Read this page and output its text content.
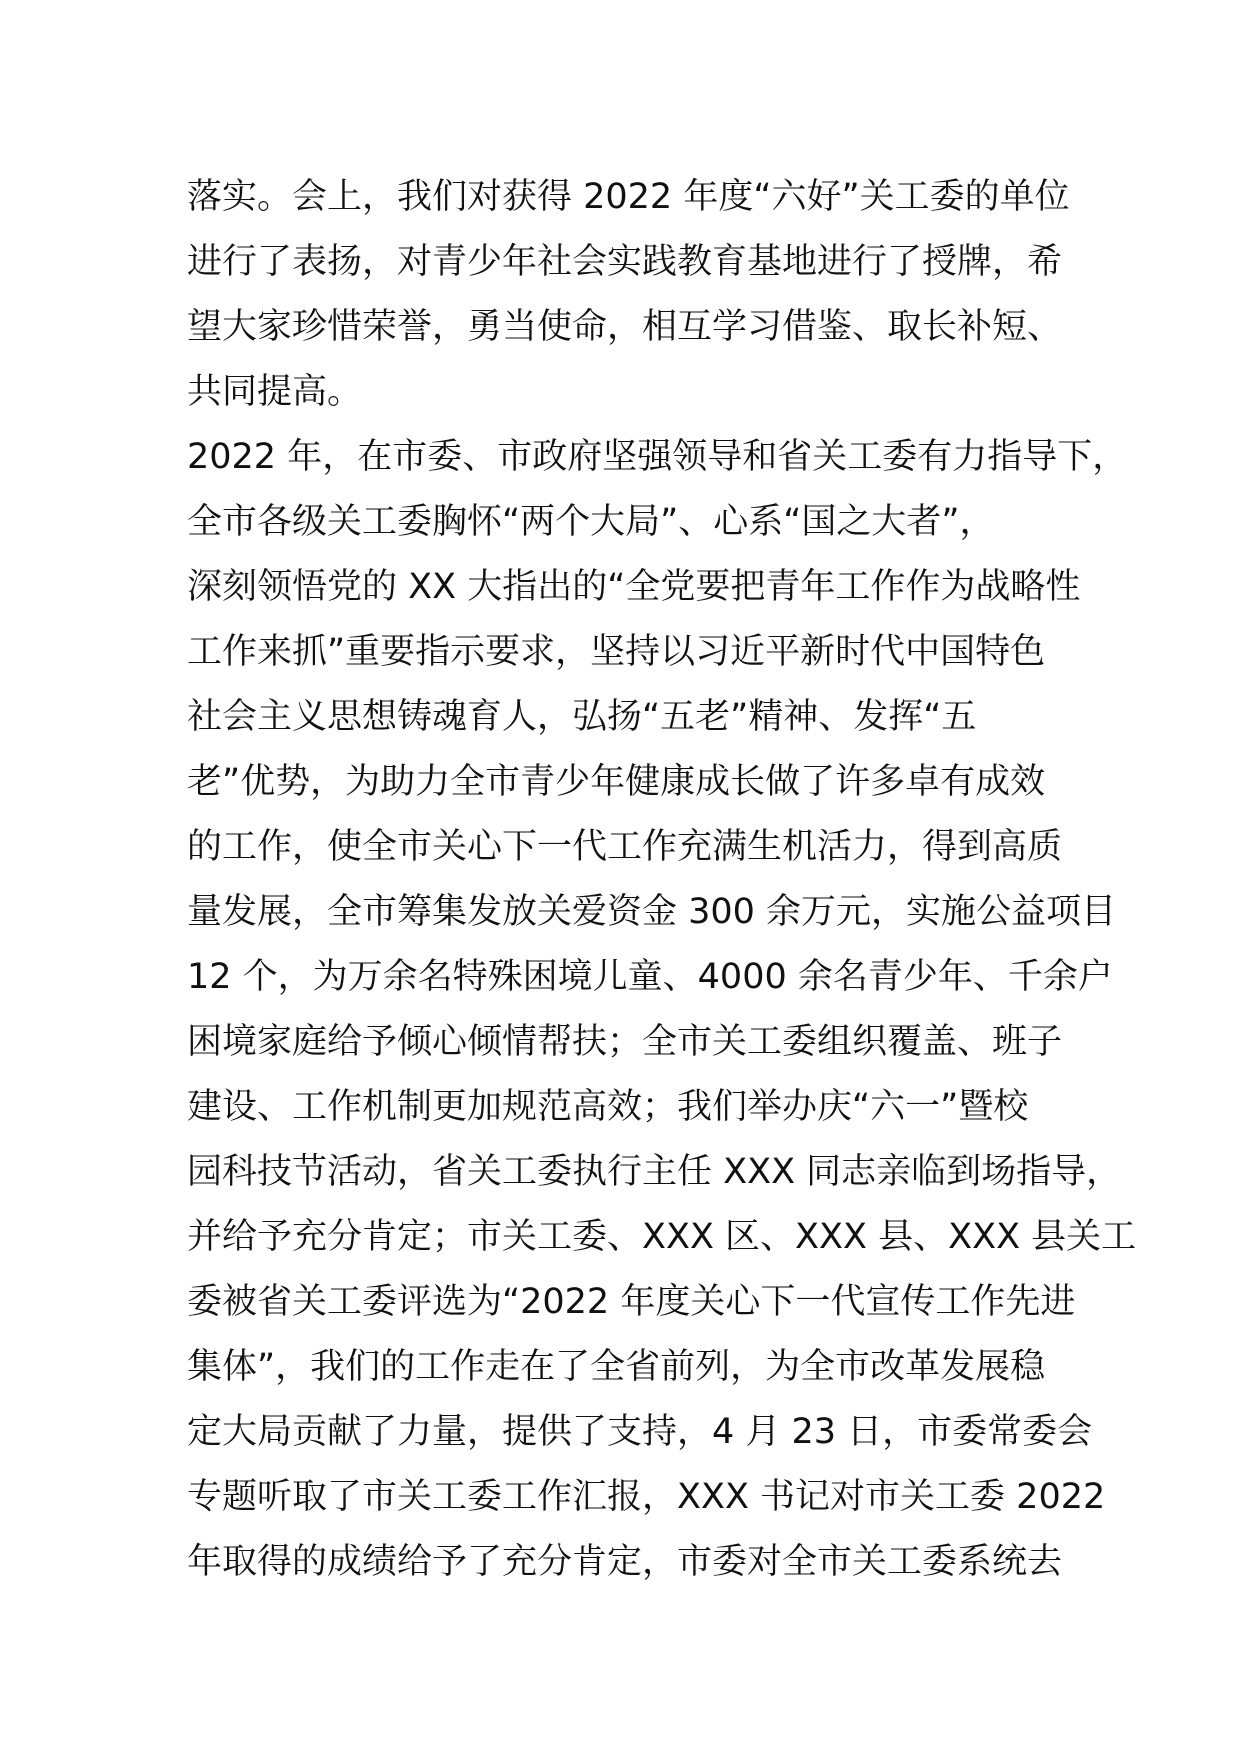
落实。会上，我们对获得 2022 年度“六好”关工委的单位
进行了表扬，对青少年社会实践教育基地进行了授牌，希
望大家珍惜荣誉，勇当使命，相互学习借鉴、取长补短、
共同提高。
2022 年，在市委、市政府坚强领导和省关工委有力指导下，
全市各级关工委胸怀“两个大局”、心系“国之大者”，
深刻领悟党的 XX 大指出的“全党要把青年工作作为战略性
工作来抓”重要指示要求，坚持以习近平新时代中国特色
社会主义思想铸魂育人，弘扬“五老”精神、发挥“五
老”优势，为助力全市青少年健康成长做了许多卓有成效
的工作，使全市关心下一代工作充满生机活力，得到高质
量发展，全市筹集发放关爱资金 300 余万元，实施公益项目
12 个，为万余名特殊困境儿童、4000 余名青少年、千余户
困境家庭给予倾心倾情帮扶；全市关工委组织覆盖、班子
建设、工作机制更加规范高效；我们举办庆“六一”暨校
园科技节活动，省关工委执行主任 XXX 同志亲临到场指导，
并给予充分肯定；市关工委、XXX 区、XXX 县、XXX 县关工
委被省关工委评选为“2022 年度关心下一代宣传工作先进
集体”，我们的工作走在了全省前列，为全市改革发展稳
定大局贡献了力量，提供了支持，4 月 23 日，市委常委会
专题听取了市关工委工作汇报，XXX 书记对市关工委 2022
年取得的成绩给予了充分肯定，市委对全市关工委系统去
